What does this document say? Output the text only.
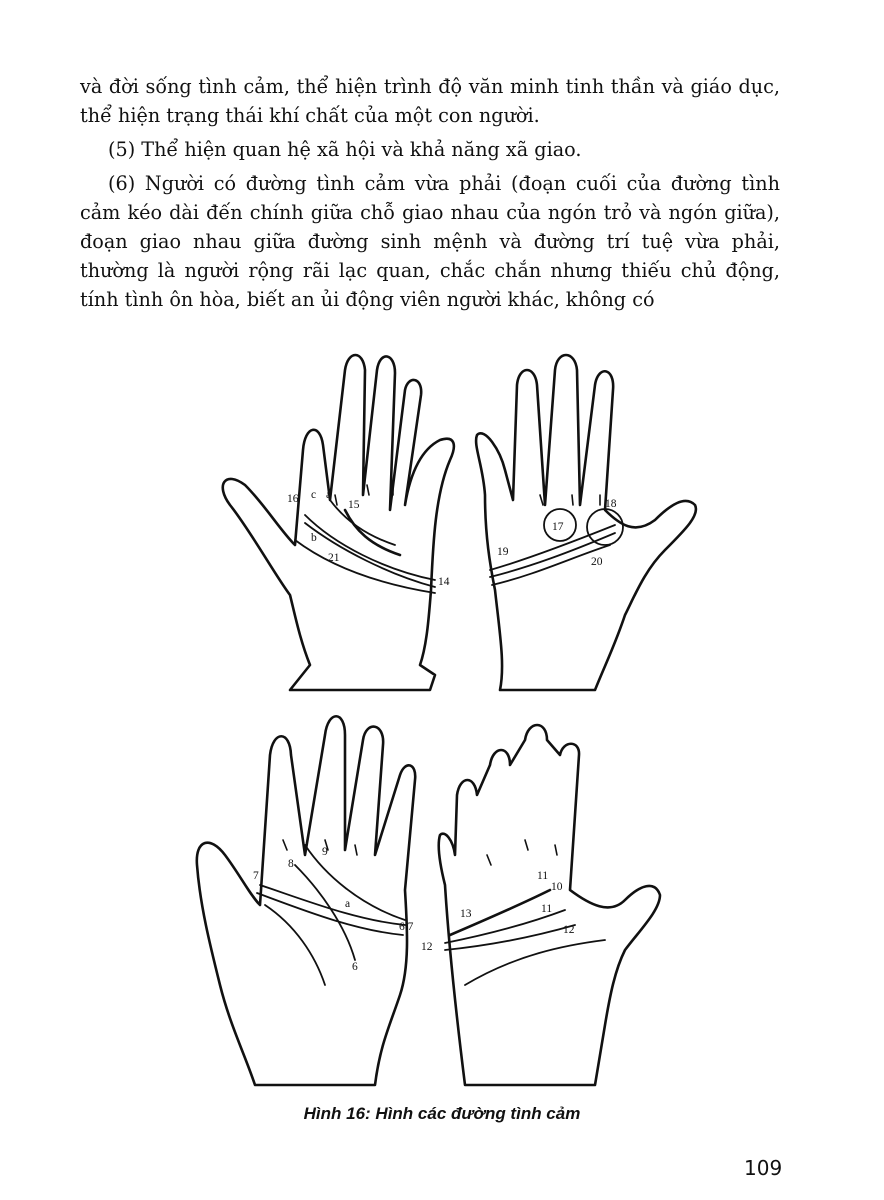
và đời sống tình cảm, thể hiện trình độ văn minh tinh thần và giáo dục, thể hiện trạng thái khí chất của một con người.

(5) Thể hiện quan hệ xã hội và khả năng xã giao.

(6) Người có đường tình cảm vừa phải (đoạn cuối của đường tình cảm kéo dài đến chính giữa chỗ giao nhau của ngón trỏ và ngón giữa), đoạn giao nhau giữa đường sinh mệnh và đường trí tuệ vừa phải, thường là người rộng rãi lạc quan, chắc chắn nhưng thiếu chủ động, tính tình ôn hòa, biết an ủi động viên người khác, không có

16 c a
15
b
21
14
18
17
19
20
9
8
7
a
6 7
6
11
10
13
12
11
12
Hình 16: Hình các đường tình cảm
109
